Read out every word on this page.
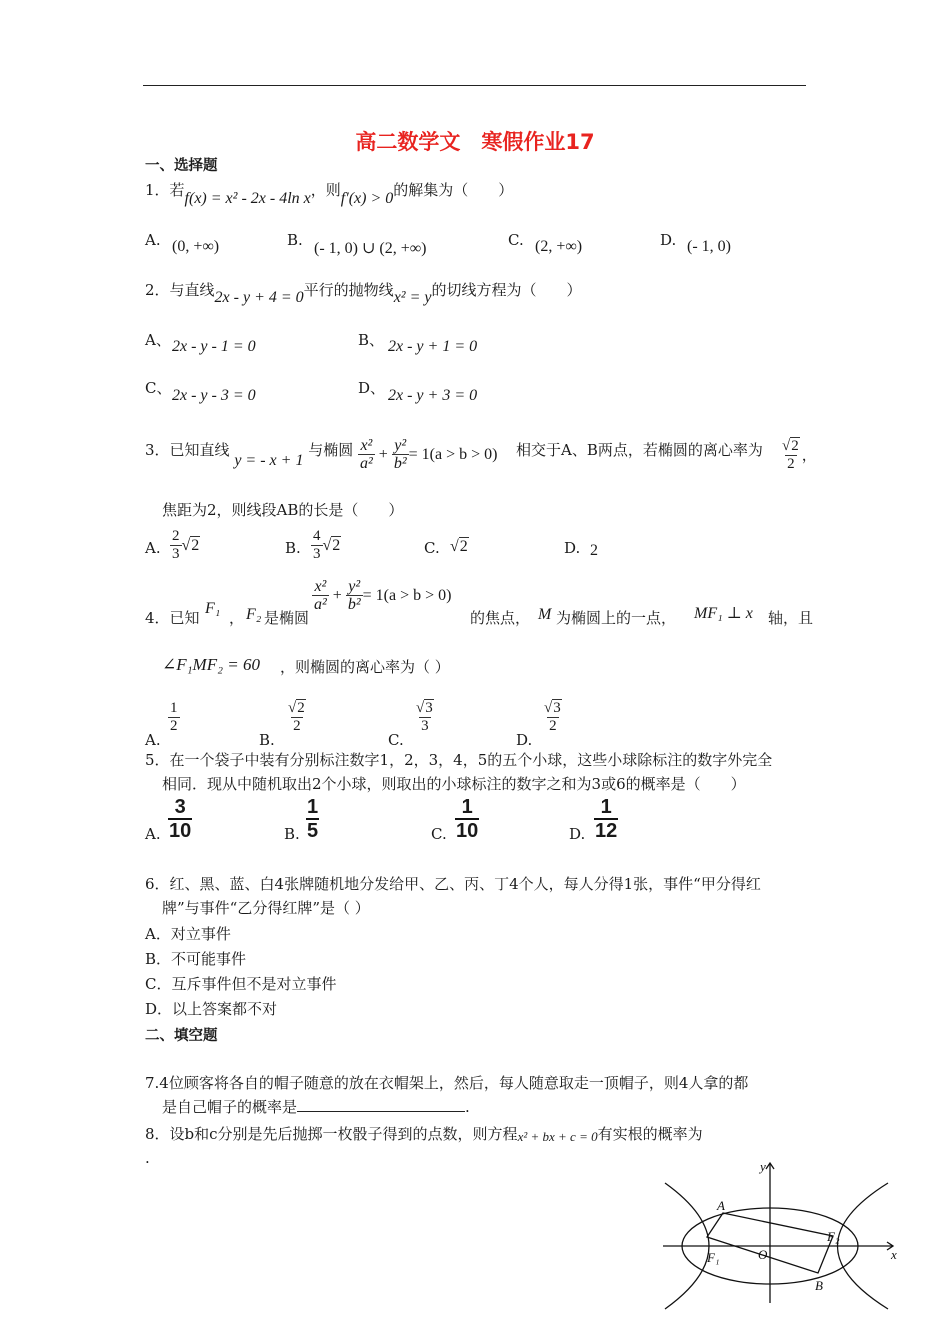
高二数学文　寒假作业17
一、选择题
1．若f(x) = x² - 2x - 4ln x，则f′(x) > 0的解集为（　　）
A. (0, +∞)	B. (- 1, 0) ∪ (2, +∞)	C. (2, +∞)	D. (- 1, 0)
2．与直线2x - y + 4 = 0平行的抛物线x² = y的切线方程为（　　）
A、 2x - y - 1 = 0	B、 2x - y + 1 = 0
C、 2x - y - 3 = 0	D、 2x - y + 3 = 0
3．已知直线 y = - x + 1 与椭圆 $\frac{\text{x²}}{\text{a²}} + \frac{\text{y²}}{\text{b²}} = 1(a > b > 0)$ 相交于A、B两点，若椭圆的离心率为 $\frac{√2}{2}$ ，
焦距为2，则线段AB的长是（　　）
A. $\frac{2}{3} √2$	B. $\frac{4}{3} √2$	C. √2	D. 2
4．已知
F₁
， F₂ 是椭圆
$\frac{\text{x²}}{\text{a²}} + \frac{\text{y²}}{\text{b²}} = 1(a > b > 0)$
的焦点， M 为椭圆上的一点， MF₁ ⊥ x 轴，且
∠F₁MF₂ = 60 ，则椭圆的离心率为（ ）
A.
$\frac{1}{2}$
B.
$\frac{√2}{2}$
C.
$\frac{√3}{3}$
D.
$\frac{√3}{2}$
5．在一个袋子中装有分别标注数字1，2，3，4，5的五个小球，这些小球除标注的数字外完全
相同．现从中随机取出2个小球，则取出的小球标注的数字之和为3或6的概率是（　　）
A. $\frac{3}{10}$	B. $\frac{1}{5}$	C. $\frac{1}{10}$	D. $\frac{1}{12}$
6．红、黑、蓝、白4张牌随机地分发给甲、乙、丙、丁4个人，每人分得1张，事件“甲分得红
牌”与事件“乙分得红牌”是（ ）
A．对立事件
B．不可能事件
C．互斥事件但不是对立事件
D．以上答案都不对
二、填空题
7.4位顾客将各自的帽子随意的放在衣帽架上，然后，每人随意取走一顶帽子，则4人拿的都
是自己帽子的概率是	.
8．设b和c分别是先后抛掷一枚骰子得到的点数，则方程x² + bx + c = 0有实根的概率为
.	y
x
O
A
B
F₁
F₂
